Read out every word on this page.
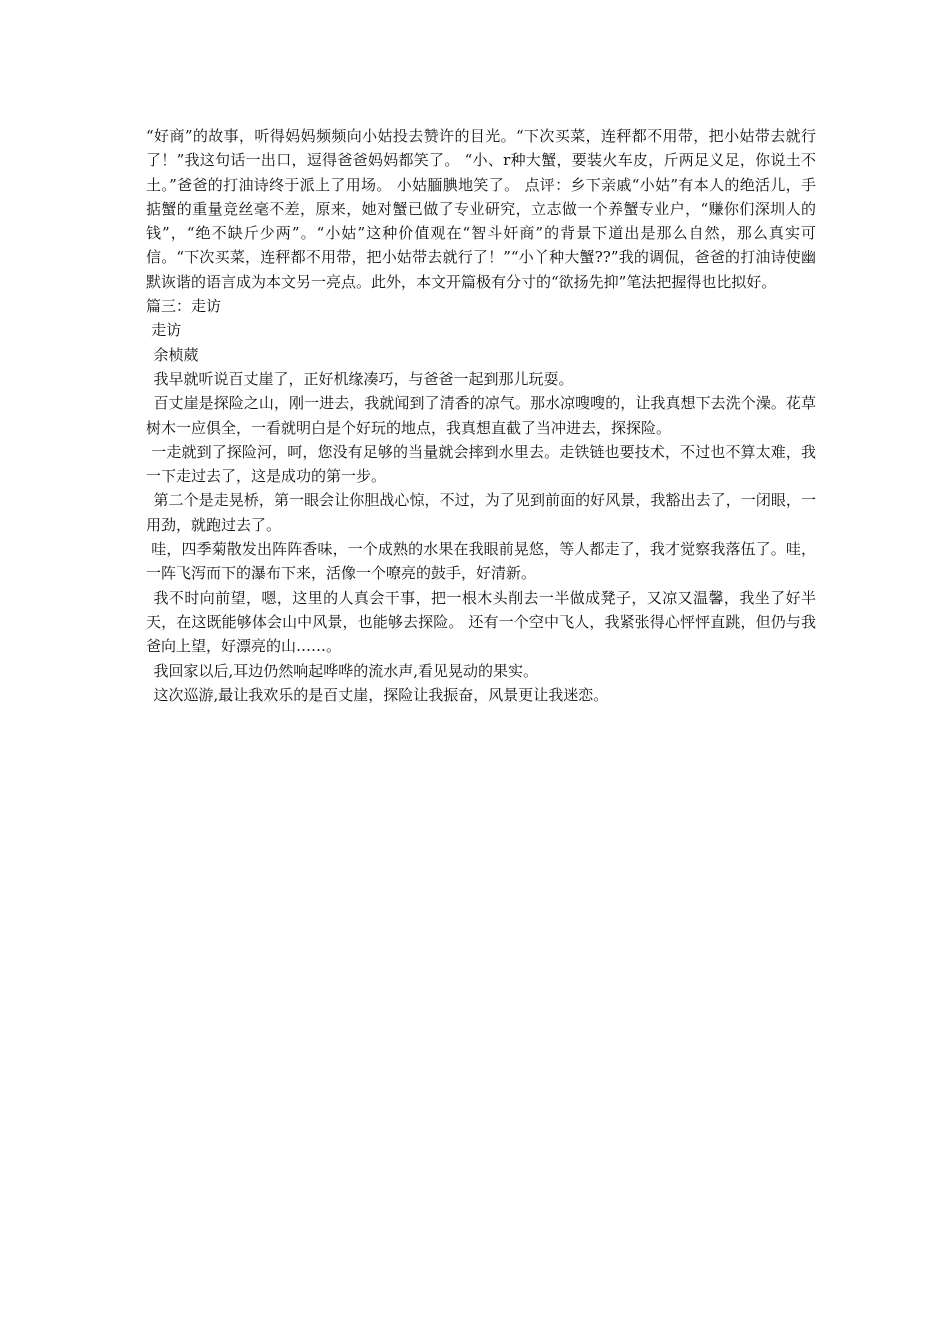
“好商”的故事，听得妈妈频频向小姑投去赞许的目光。“下次买菜，连秤都不用带，把小姑带去就行了！”我这句话一出口，逗得爸爸妈妈都笑了。 “小、r种大蟹，要装火车皮，斤两足义足，你说土不土。”爸爸的打油诗终于派上了用场。 小姑腼腆地笑了。 点评：乡下亲戚“小姑”有本人的绝活儿，手掂蟹的重量竞丝毫不差，原来，她对蟹已做了专业研究，立志做一个养蟹专业户，“赚你们深圳人的钱”，“绝不缺斤少两”。“小姑”这种价值观在“智斗奸商”的背景下道出是那么自然，那么真实可信。“下次买菜，连秤都不用带，把小姑带去就行了！”“小丫种大蟹??”我的调侃，爸爸的打油诗使幽默诙谐的语言成为本文另一亮点。此外，本文开篇极有分寸的“欲扬先抑”笔法把握得也比拟好。

篇三：走访

走访

余桢葳

我早就听说百丈崖了，正好机缘凑巧，与爸爸一起到那儿玩耍。

百丈崖是探险之山，刚一进去，我就闻到了清香的凉气。那水凉嗖嗖的，让我真想下去洗个澡。花草树木一应俱全，一看就明白是个好玩的地点，我真想直截了当冲进去，探探险。

一走就到了探险河，呵，您没有足够的当量就会摔到水里去。走铁链也要技术，不过也不算太难，我一下走过去了，这是成功的第一步。

第二个是走晃桥，第一眼会让你胆战心惊，不过，为了见到前面的好风景，我豁出去了，一闭眼，一用劲，就跑过去了。

哇，四季菊散发出阵阵香味，一个成熟的水果在我眼前晃悠，等人都走了，我才觉察我落伍了。哇，一阵飞泻而下的瀑布下来，活像一个嘹亮的鼓手，好清新。

我不时向前望，嗯，这里的人真会干事，把一根木头削去一半做成凳子，又凉又温馨，我坐了好半天，在这既能够体会山中风景，也能够去探险。 还有一个空中飞人，我紧张得心怦怦直跳，但仍与我爸向上望，好漂亮的山……。

我回家以后,耳边仍然响起哗哗的流水声,看见晃动的果实。

这次巡游,最让我欢乐的是百丈崖，探险让我振奋，风景更让我迷恋。
